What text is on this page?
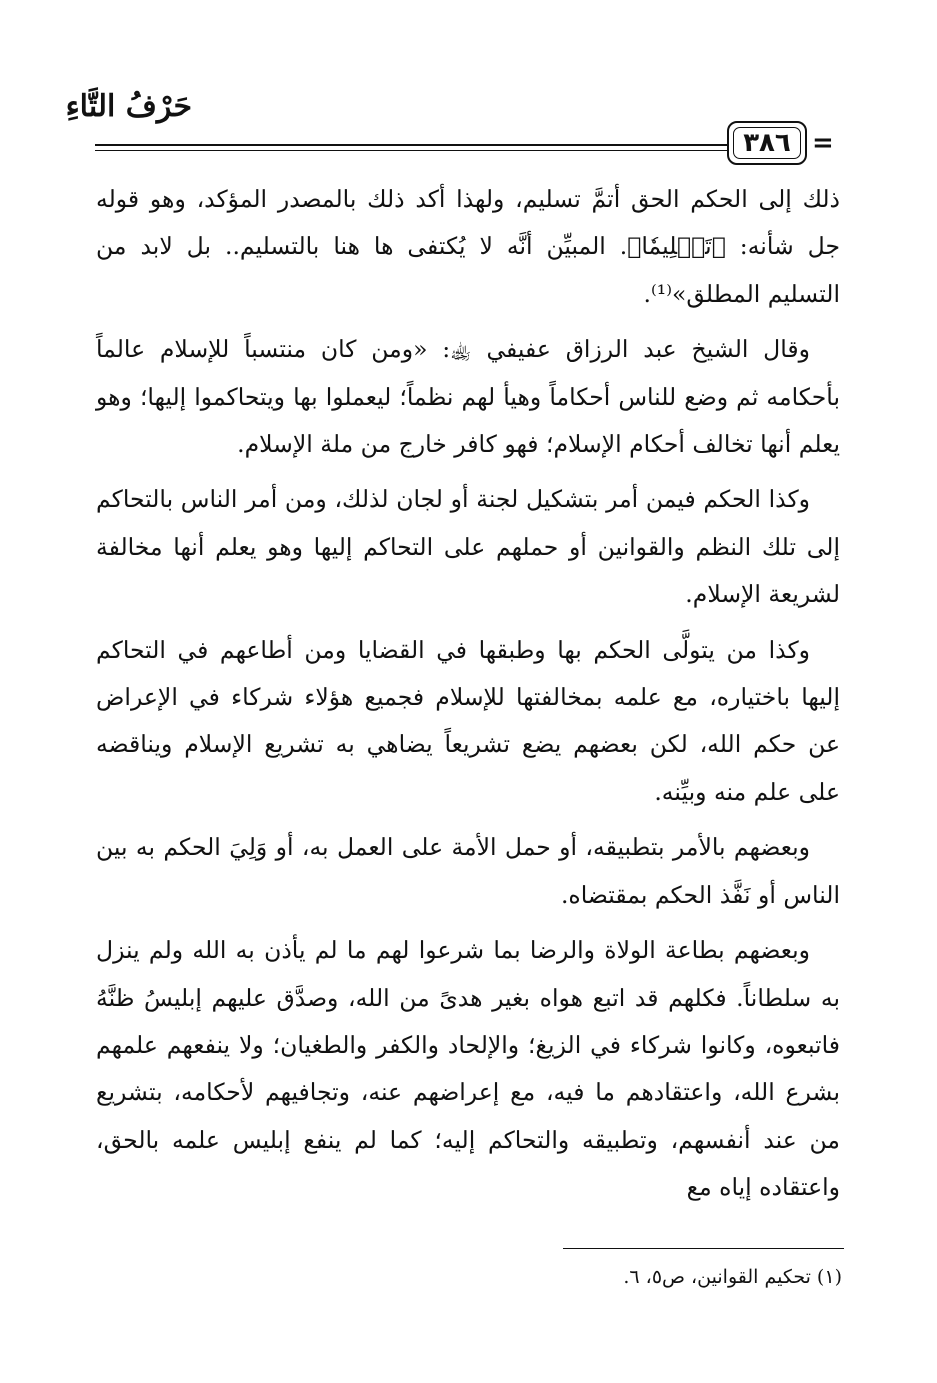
حَرْفُ التَّاءِ
٣٨٦ =

ذلك إلى الحكم الحق أتمَّ تسليم، ولهذا أكد ذلك بالمصدر المؤكد، وهو قوله جل شأنه: ﴿تَسۡلِيمٗا﴾. المبيِّن أنَّه لا يُكتفى ها هنا بالتسليم.. بل لابد من التسليم المطلق»⁽¹⁾.

وقال الشيخ عبد الرزاق عفيفي ﵀: «ومن كان منتسباً للإسلام عالماً بأحكامه ثم وضع للناس أحكاماً وهيأ لهم نظماً؛ ليعملوا بها ويتحاكموا إليها؛ وهو يعلم أنها تخالف أحكام الإسلام؛ فهو كافر خارج من ملة الإسلام.

وكذا الحكم فيمن أمر بتشكيل لجنة أو لجان لذلك، ومن أمر الناس بالتحاكم إلى تلك النظم والقوانين أو حملهم على التحاكم إليها وهو يعلم أنها مخالفة لشريعة الإسلام.

وكذا من يتولَّى الحكم بها وطبقها في القضايا ومن أطاعهم في التحاكم إليها باختياره، مع علمه بمخالفتها للإسلام فجميع هؤلاء شركاء في الإعراض عن حكم الله، لكن بعضهم يضع تشريعاً يضاهي به تشريع الإسلام ويناقضه على علم منه وبيِّنه.

وبعضهم بالأمر بتطبيقه، أو حمل الأمة على العمل به، أو وَلِيَ الحكم به بين الناس أو نَفَّذ الحكم بمقتضاه.

وبعضهم بطاعة الولاة والرضا بما شرعوا لهم ما لم يأذن به الله ولم ينزل به سلطاناً. فكلهم قد اتبع هواه بغير هدىً من الله، وصدَّق عليهم إبليسُ ظنَّهُ فاتبعوه، وكانوا شركاء في الزيغ؛ والإلحاد والكفر والطغيان؛ ولا ينفعهم علمهم بشرع الله، واعتقادهم ما فيه، مع إعراضهم عنه، وتجافيهم لأحكامه، بتشريع من عند أنفسهم، وتطبيقه والتحاكم إليه؛ كما لم ينفع إبليس علمه بالحق، واعتقاده إياه مع

(١) تحكيم القوانين، ص٥، ٦.
